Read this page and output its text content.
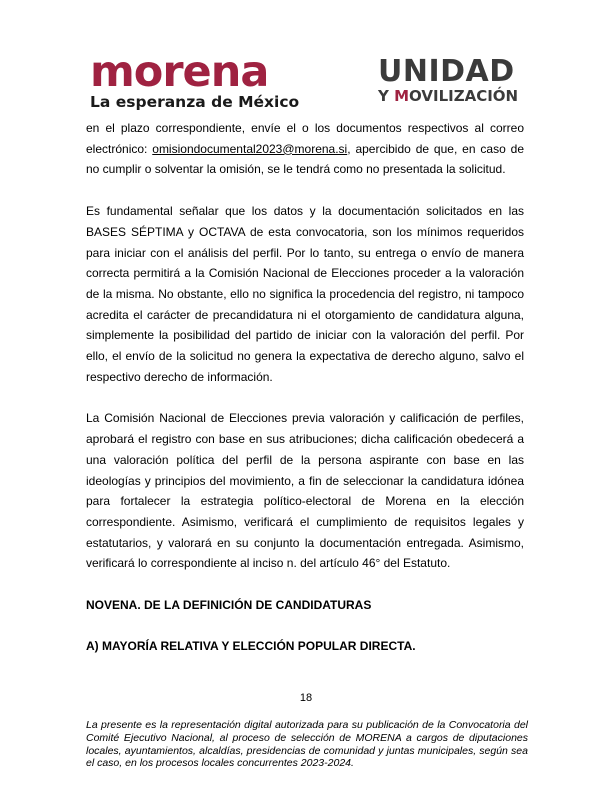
morena
La esperanza de México
UNIDAD
Y MOVILIZACIÓN

en el plazo correspondiente, envíe el o los documentos respectivos al correo electrónico: omisiondocumental2023@morena.si, apercibido de que, en caso de no cumplir o solventar la omisión, se le tendrá como no presentada la solicitud.

Es fundamental señalar que los datos y la documentación solicitados en las BASES SÉPTIMA y OCTAVA de esta convocatoria, son los mínimos requeridos para iniciar con el análisis del perfil. Por lo tanto, su entrega o envío de manera correcta permitirá a la Comisión Nacional de Elecciones proceder a la valoración de la misma. No obstante, ello no significa la procedencia del registro, ni tampoco acredita el carácter de precandidatura ni el otorgamiento de candidatura alguna, simplemente la posibilidad del partido de iniciar con la valoración del perfil. Por ello, el envío de la solicitud no genera la expectativa de derecho alguno, salvo el respectivo derecho de información.

La Comisión Nacional de Elecciones previa valoración y calificación de perfiles, aprobará el registro con base en sus atribuciones; dicha calificación obedecerá a una valoración política del perfil de la persona aspirante con base en las ideologías y principios del movimiento, a fin de seleccionar la candidatura idónea para fortalecer la estrategia político-electoral de Morena en la elección correspondiente. Asimismo, verificará el cumplimiento de requisitos legales y estatutarios, y valorará en su conjunto la documentación entregada. Asimismo, verificará lo correspondiente al inciso n. del artículo 46° del Estatuto.

NOVENA. DE LA DEFINICIÓN DE CANDIDATURAS
A) MAYORÍA RELATIVA Y ELECCIÓN POPULAR DIRECTA.
18
La presente es la representación digital autorizada para su publicación de la Convocatoria del Comité Ejecutivo Nacional, al proceso de selección de MORENA a cargos de diputaciones locales, ayuntamientos, alcaldías, presidencias de comunidad y juntas municipales, según sea el caso, en los procesos locales concurrentes 2023-2024.
